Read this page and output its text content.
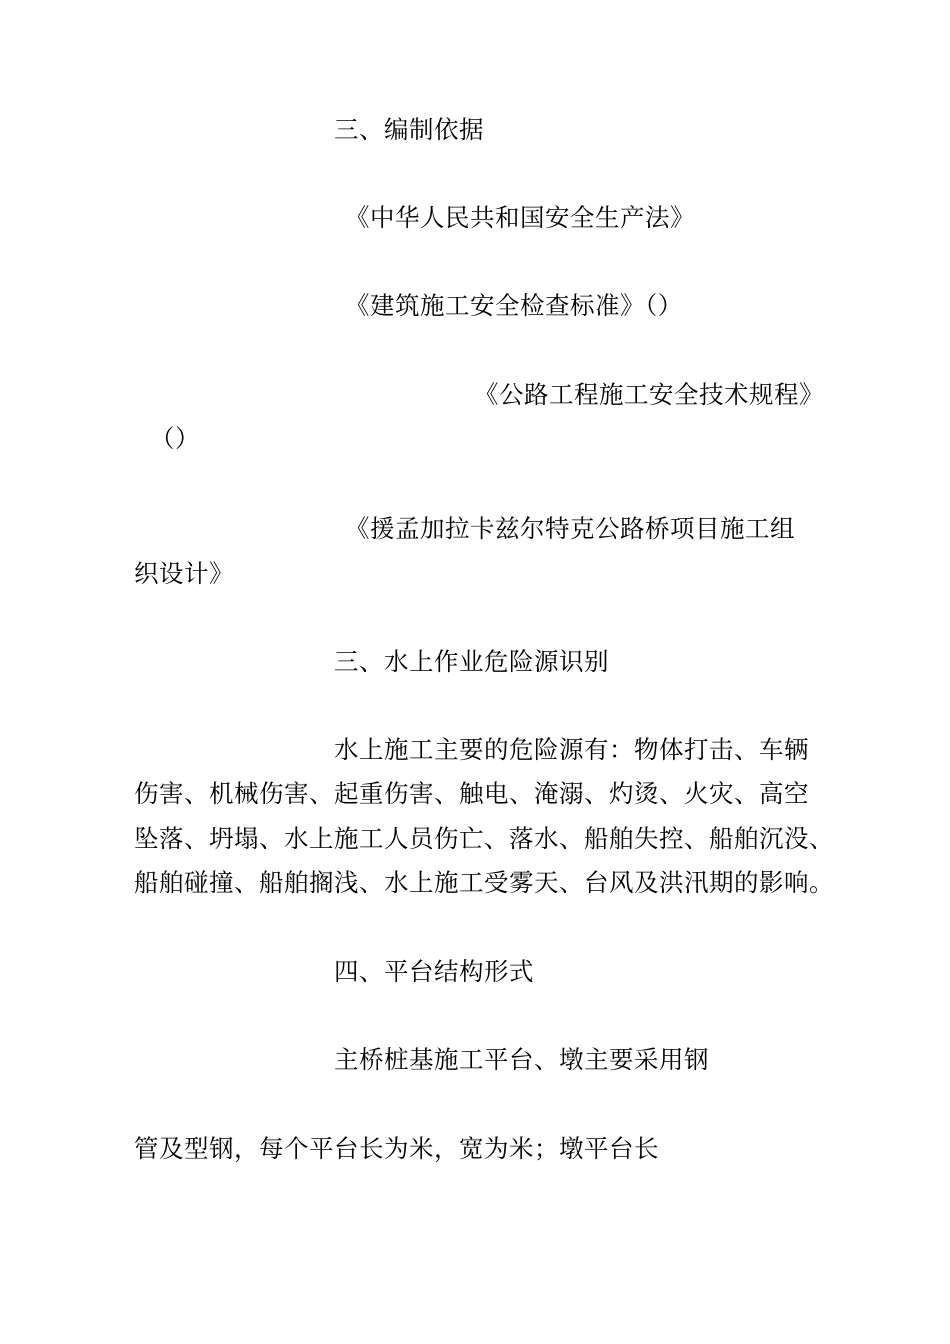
三、编制依据
《中华人民共和国安全生产法》
《建筑施工安全检查标准》（）
《公路工程施工安全技术规程》
（）
《援孟加拉卡兹尔特克公路桥项目施工组
织设计》
三、水上作业危险源识别
水上施工主要的危险源有：物体打击、车辆
伤害、机械伤害、起重伤害、触电、淹溺、灼烫、火灾、高空
坠落、坍塌、水上施工人员伤亡、落水、船舶失控、船舶沉没、
船舶碰撞、船舶搁浅、水上施工受雾天、台风及洪汛期的影响。
四、平台结构形式
主桥桩基施工平台、墩主要采用钢
管及型钢，每个平台长为米，宽为米；墩平台长
